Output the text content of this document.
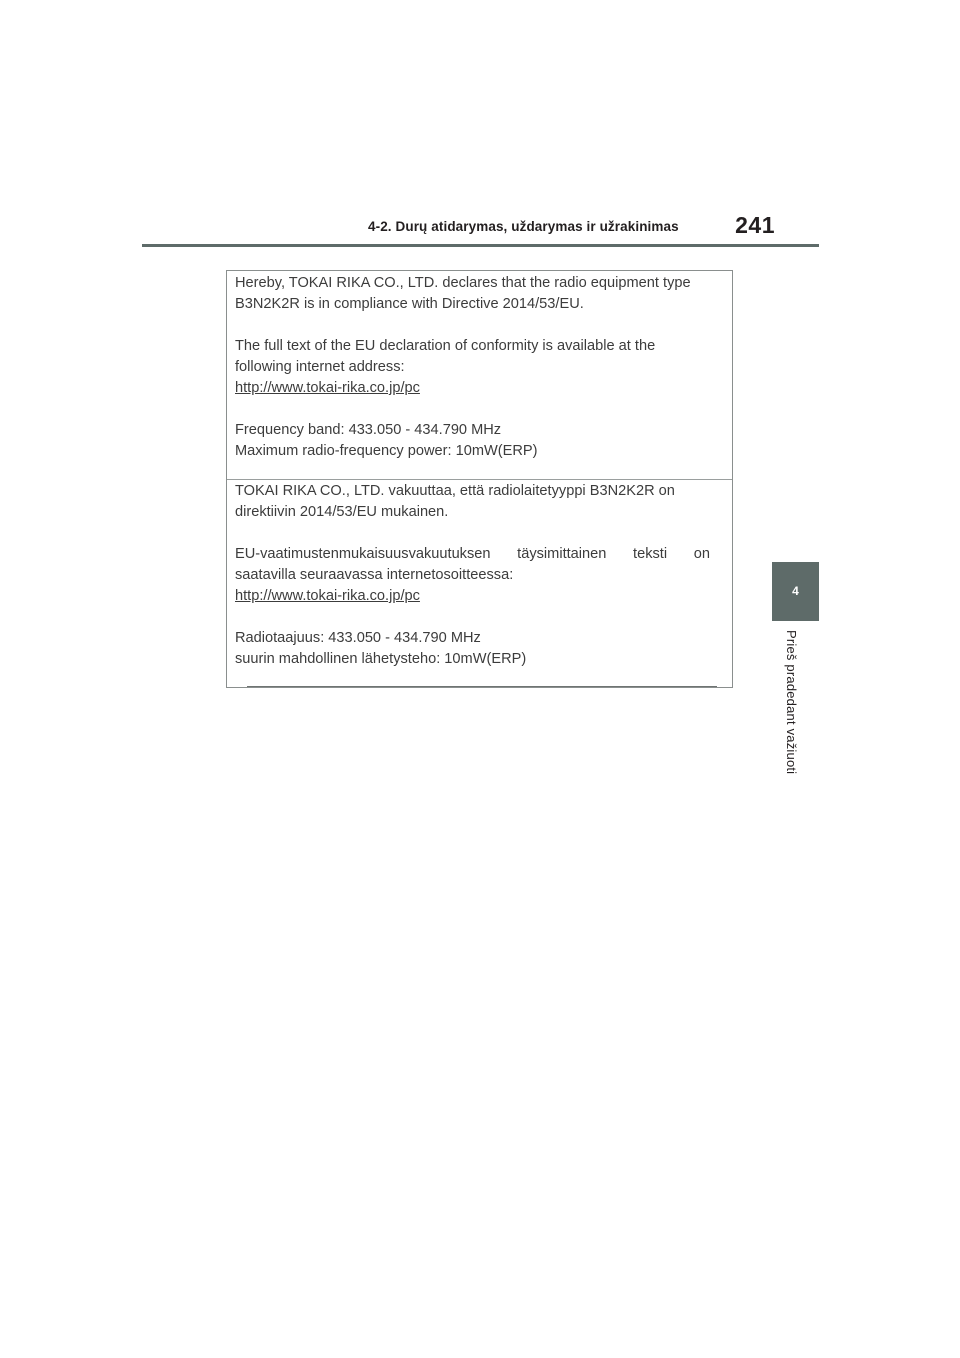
4-2. Durų atidarymas, uždarymas ir užrakinimas 241
4
Prieš pradedant važiuoti

Hereby, TOKAI RIKA CO., LTD. declares that the radio equipment type

B3N2K2R is in compliance with Directive 2014/53/EU.

The full text of the EU declaration of conformity is available at the

following internet address:

http://www.tokai-rika.co.jp/pc

Frequency band: 433.050 - 434.790 MHz

Maximum radio-frequency power: 10mW(ERP)

TOKAI RIKA CO., LTD. vakuuttaa, että radiolaitetyyppi B3N2K2R on

direktiivin 2014/53/EU mukainen.

EU-vaatimustenmukaisuusvakuutuksen täysimittainen teksti on

saatavilla seuraavassa internetosoitteessa:

http://www.tokai-rika.co.jp/pc

Radiotaajuus: 433.050 - 434.790 MHz

suurin mahdollinen lähetysteho: 10mW(ERP)
